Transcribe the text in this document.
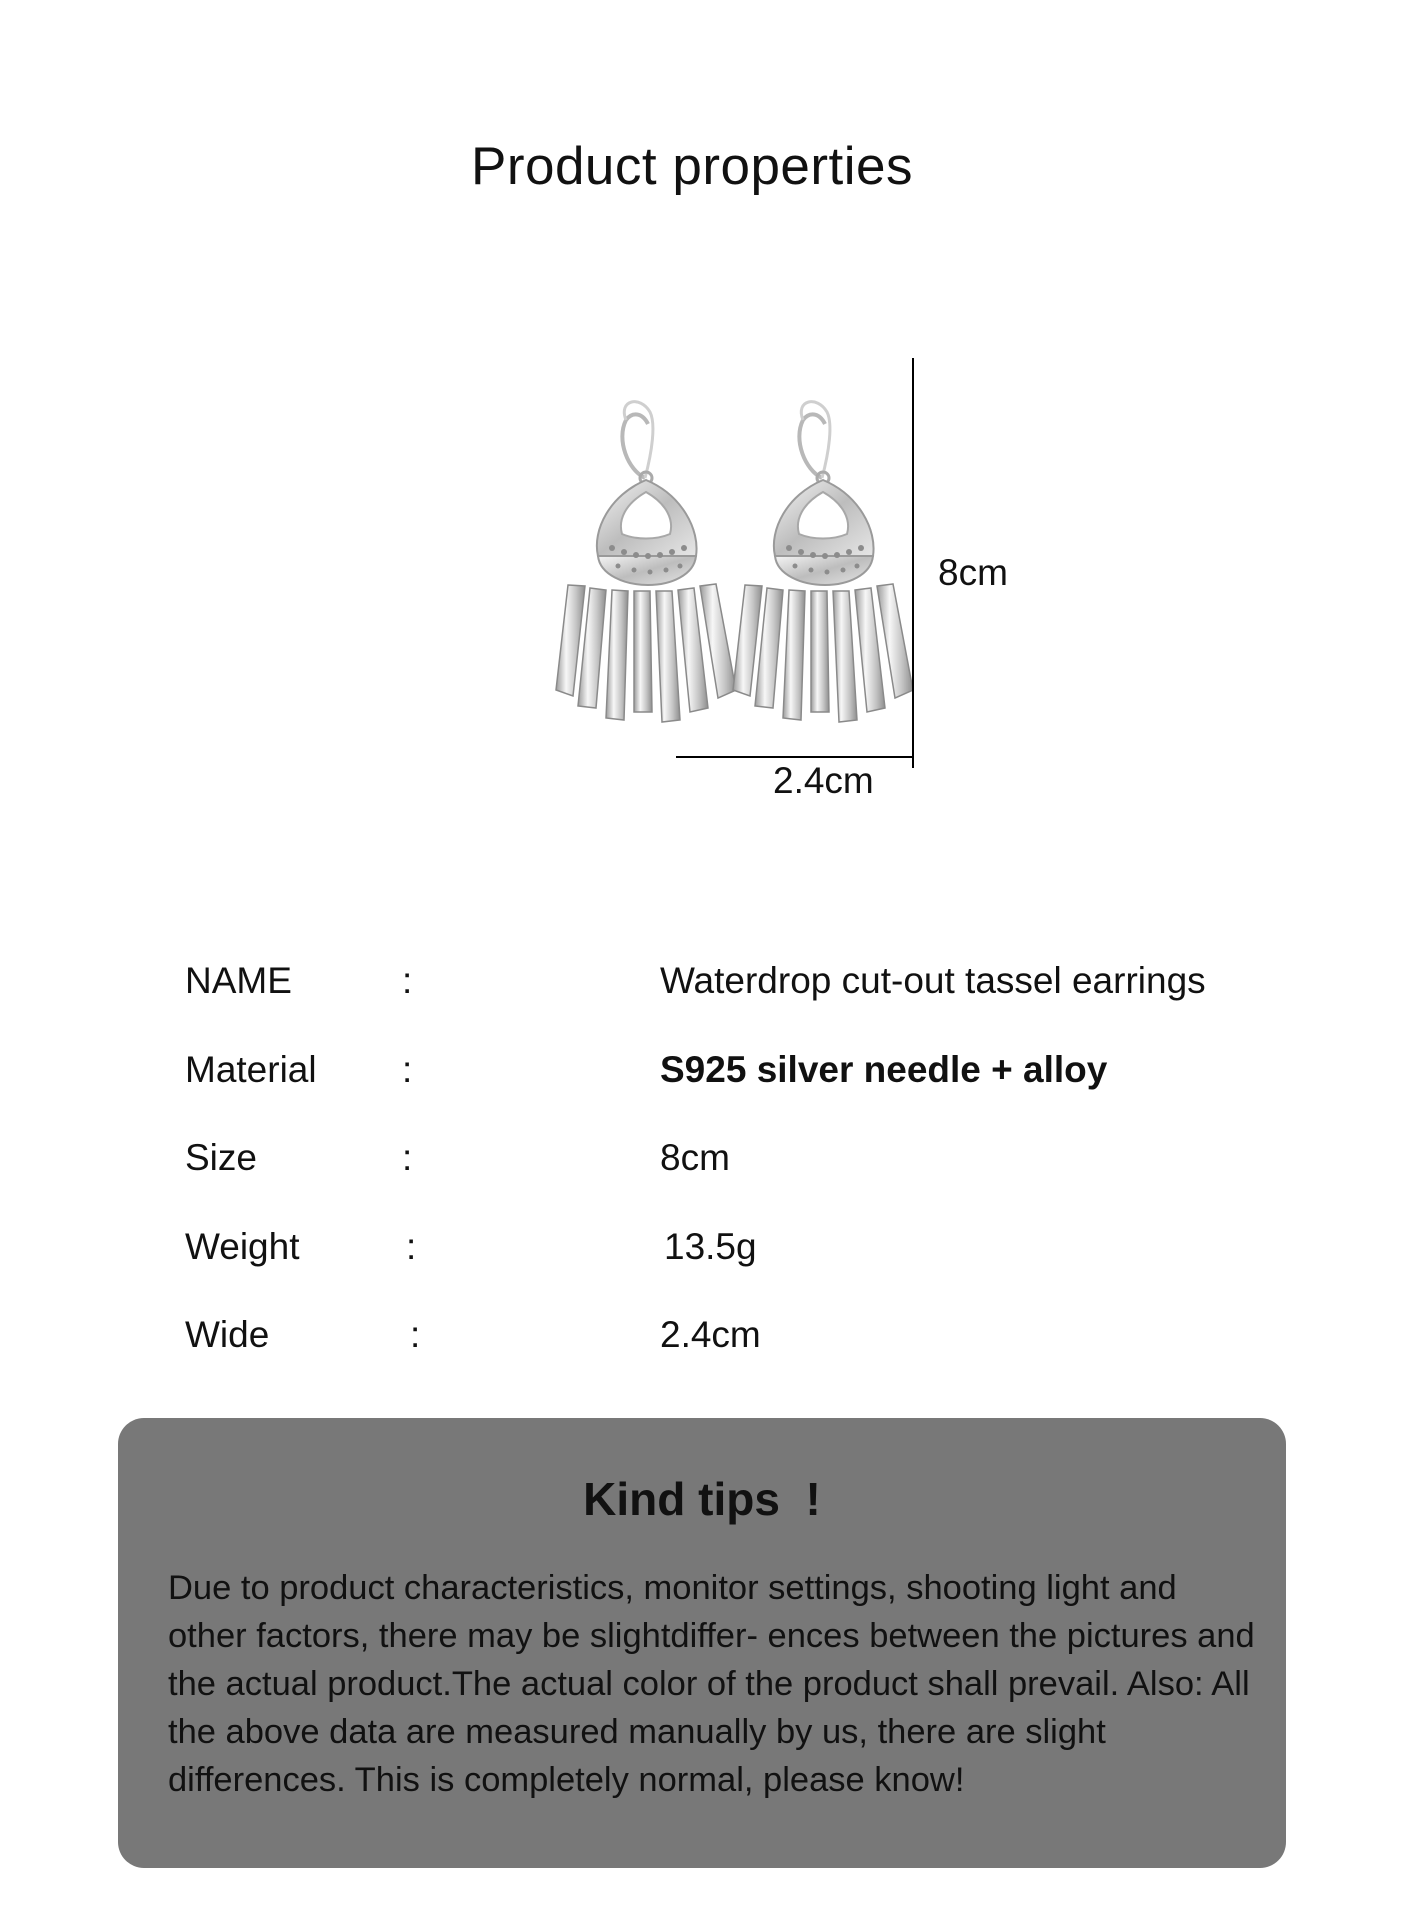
Product properties
8cm
2.4cm
NAME	:	Waterdrop cut-out tassel earrings
Material :	S925 silver needle + alloy
Size	:	8cm
Weight	:	13.5g
Wide	:	2.4cm
Kind tips  !
Due to product characteristics, monitor settings, shooting light and other factors, there may be slightdiffer- ences between the pictures and the actual product.The actual color of the product shall prevail. Also: All the above data are measured manually by us, there are slight differences. This is completely normal, please know!
